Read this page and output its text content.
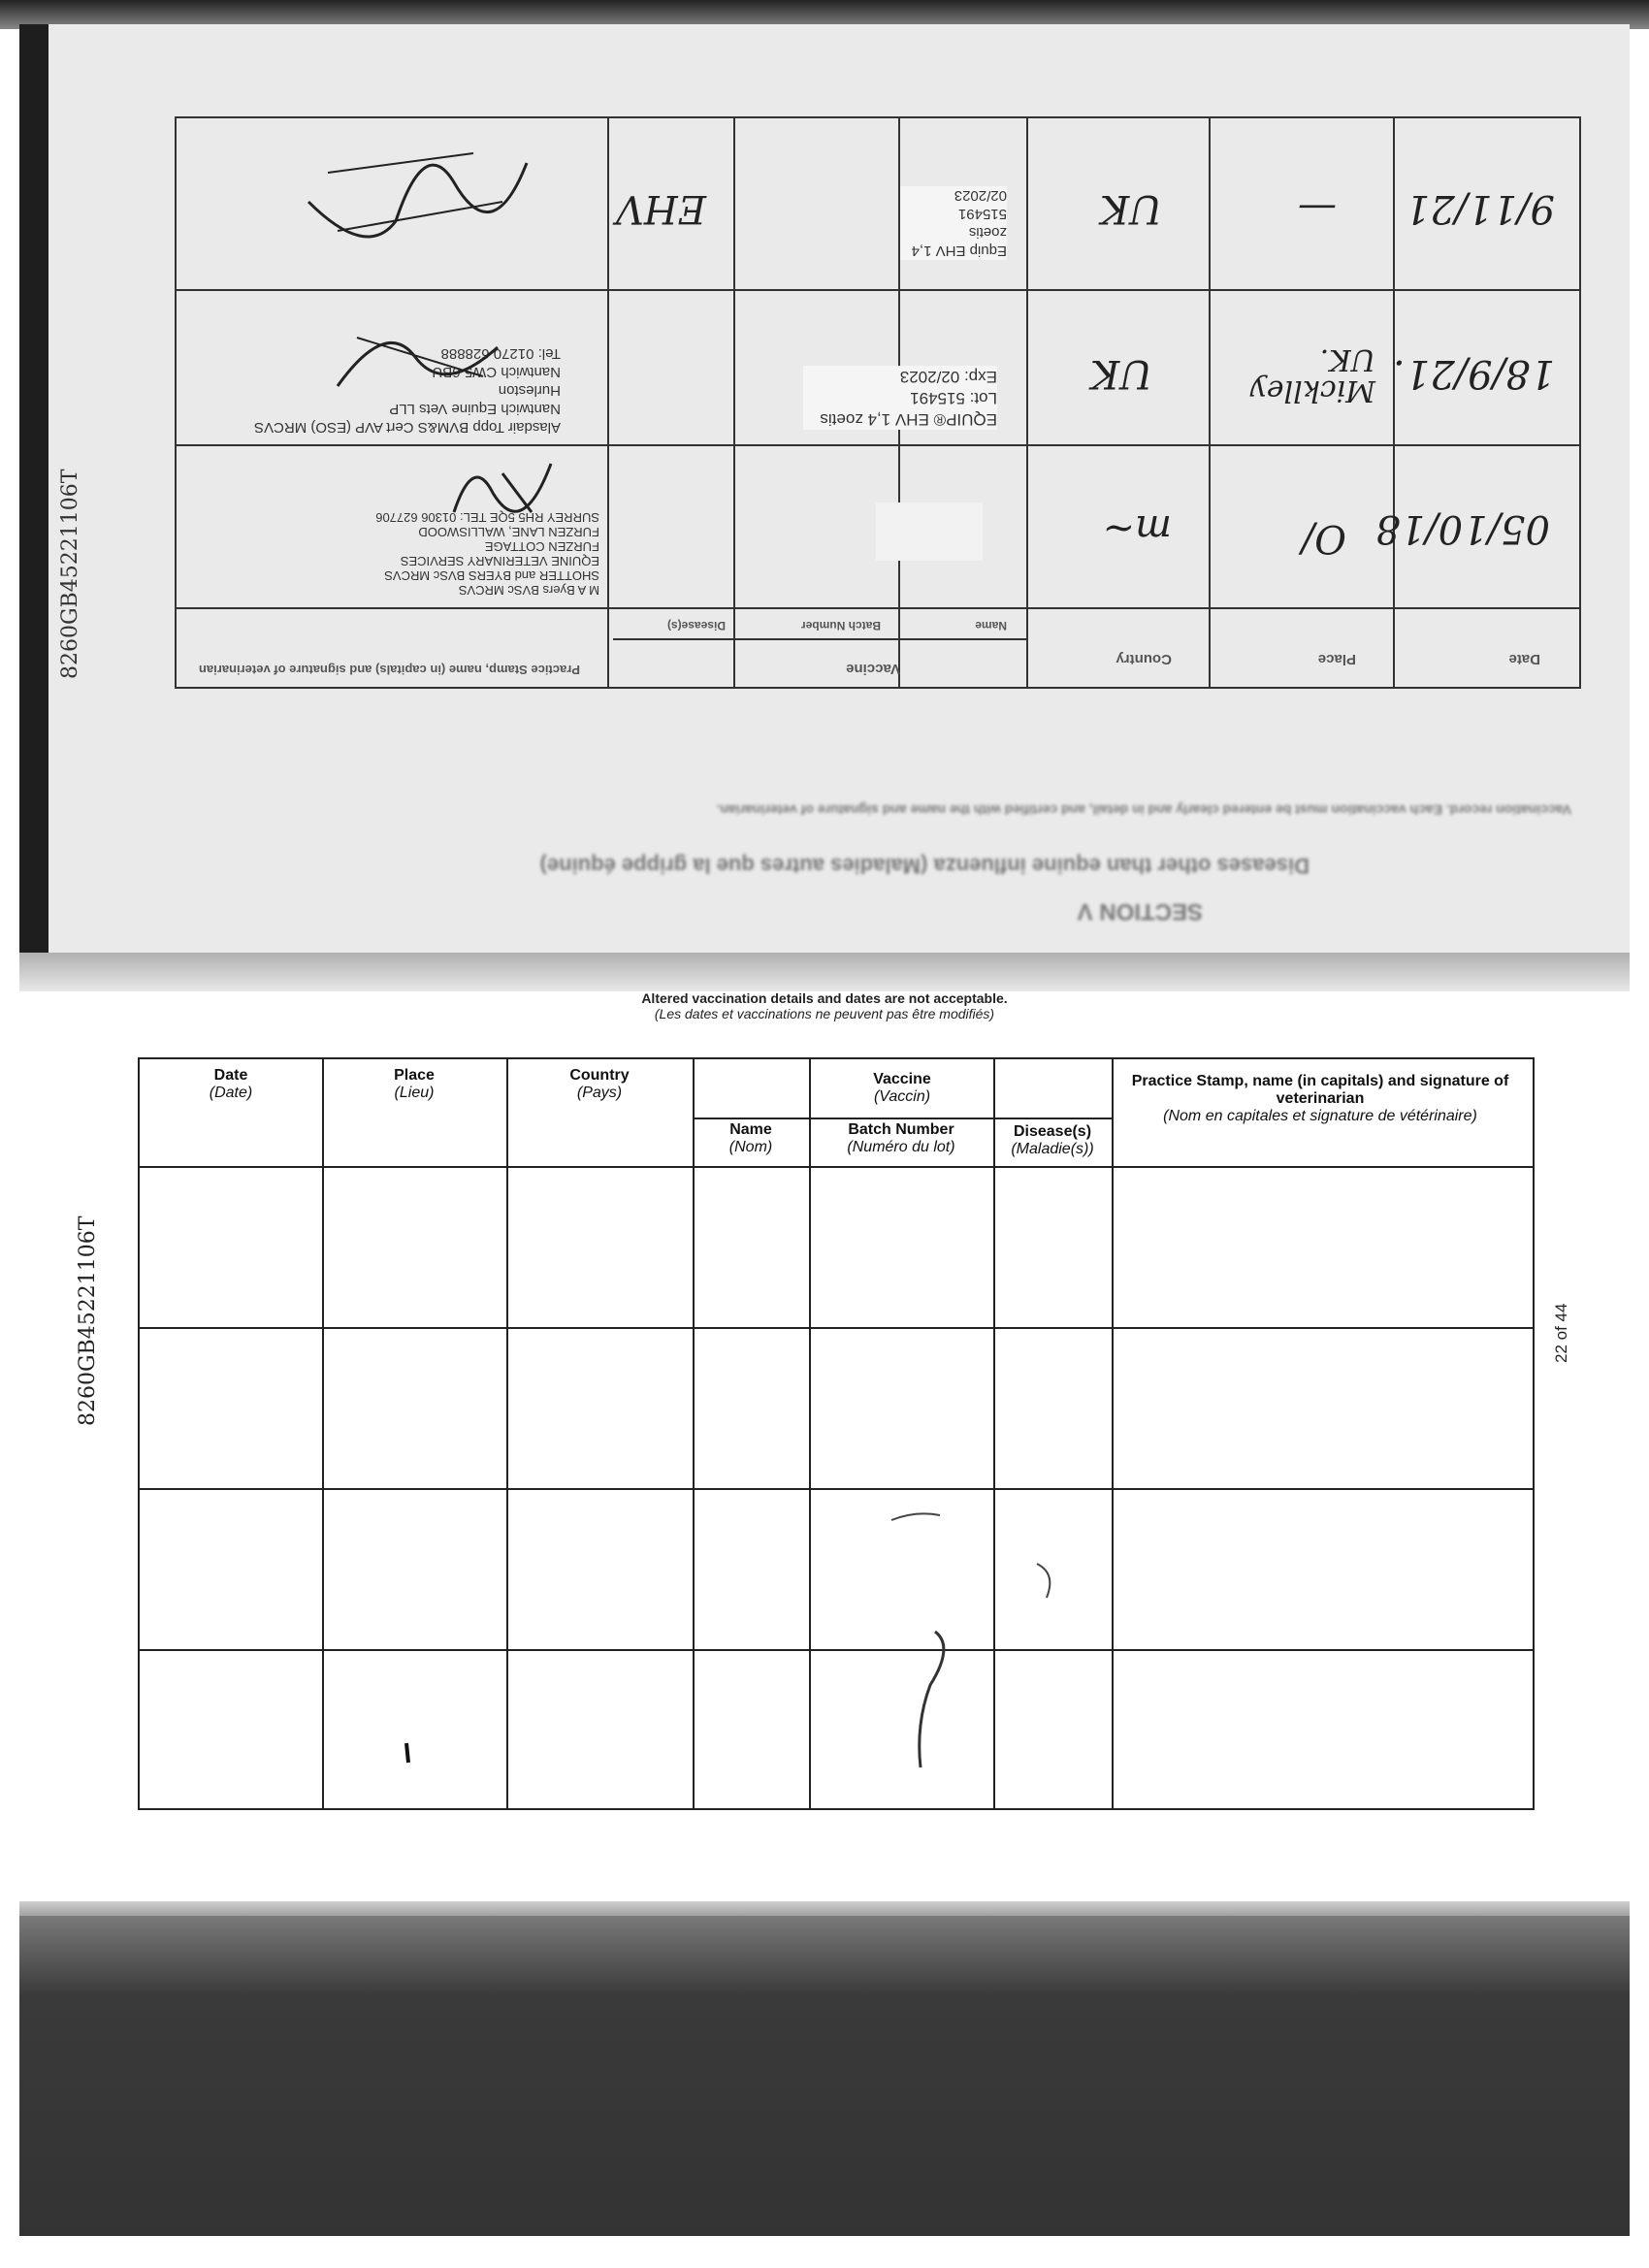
SECTION V
Diseases other than equine influenza (Maladies autres que la grippe équine)
Vaccination record. Each vaccination must be entered clearly and in detail, and certified with the name and signature of veterinarian.
Date
Place
Country
Vaccine
Name
Batch Number
Disease(s)
Practice Stamp, name (in capitals) and signature of veterinarian
05/10/18
O/
m~
M A Byers BVSc MRCVS
SHOTTER and BYERS BVSc MRCVS
EQUINE VETERINARY SERVICES
FURZEN COTTAGE
FURZEN LANE, WALLISWOOD
SURREY RH5 5QE TEL: 01306 627706
18/9/21.
Micklley UK.
UK
EQUIP® EHV 1,4 zoetis
Lot: 515491
Exp: 02/2023
Alasdair Topp BVM&S Cert AVP (ESO) MRCVS
Nantwich Equine Vets LLP
Hurleston
Nantwich CW5 6BU
Tel: 01270 628888
9/11/21
—
UK
Equip EHV 1,4 zoetis
515491
02/2023
EHV
8260GB45221106T
Altered vaccination details and dates are not acceptable.
(Les dates et vaccinations ne peuvent pas être modifiés)
8260GB45221106T	22 of 44
Date
(Date)
Place
(Lieu)
Country
(Pays)
Vaccine
(Vaccin)
Name
(Nom)
Batch Number
(Numéro du lot)
Disease(s)
(Maladie(s))
Practice Stamp, name (in capitals) and signature of veterinarian
(Nom en capitales et signature de vétérinaire)
